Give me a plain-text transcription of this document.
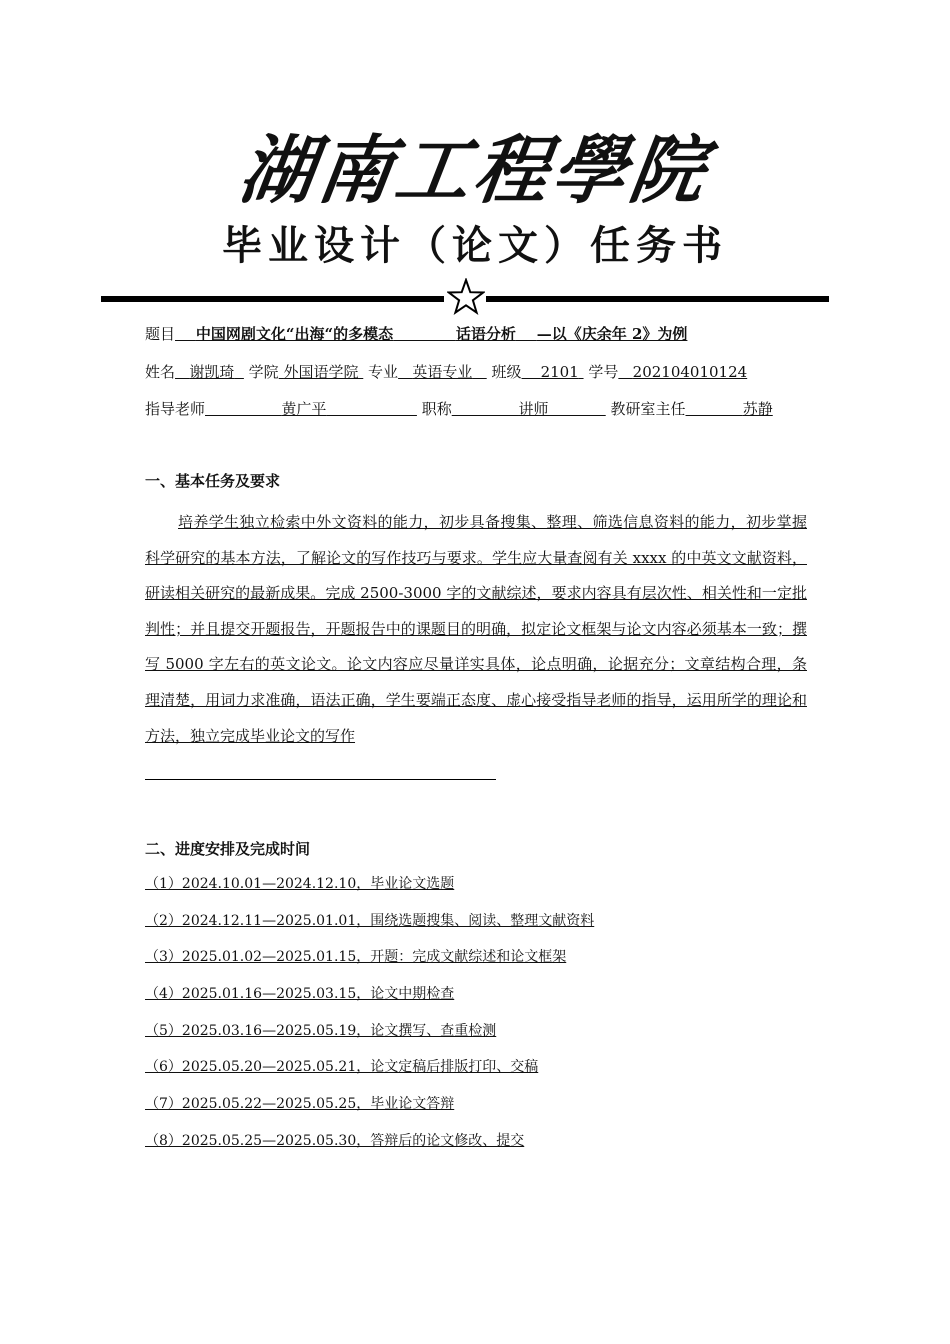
湖南工程學院
毕业设计（论文）任务书
题目 中国网剧文化“出海“的多模态	话语分析 —以《庆余年 2》为例
姓名 谢凯琦 学院 外国语学院 专业 英语专业 班级 2101 学号 202104010124
指导老师	黄广平	职称	讲师	教研室主任	苏静
一、基本任务及要求
培养学生独立检索中外文资料的能力，初步具备搜集、整理、筛选信息资料的能力，初步掌握科学研究的基本方法，了解论文的写作技巧与要求。学生应大量查阅有关 xxxx 的中英文文献资料，研读相关研究的最新成果。完成 2500-3000 字的文献综述，要求内容具有层次性、相关性和一定批判性；并且提交开题报告，开题报告中的课题目的明确，拟定论文框架与论文内容必须基本一致；撰写 5000 字左右的英文论文。论文内容应尽量详实具体，论点明确，论据充分；文章结构合理，条理清楚，用词力求准确，语法正确，学生要端正态度、虚心接受指导老师的指导，运用所学的理论和方法，独立完成毕业论文的写作
二、进度安排及完成时间
（1）2024.10.01—2024.12.10，毕业论文选题
（2）2024.12.11—2025.01.01，围绕选题搜集、阅读、整理文献资料
（3）2025.01.02—2025.01.15，开题：完成文献综述和论文框架
（4）2025.01.16—2025.03.15，论文中期检查
（5）2025.03.16—2025.05.19，论文撰写、查重检测
（6）2025.05.20—2025.05.21，论文定稿后排版打印、交稿
（7）2025.05.22—2025.05.25，毕业论文答辩
（8）2025.05.25—2025.05.30，答辩后的论文修改、提交
